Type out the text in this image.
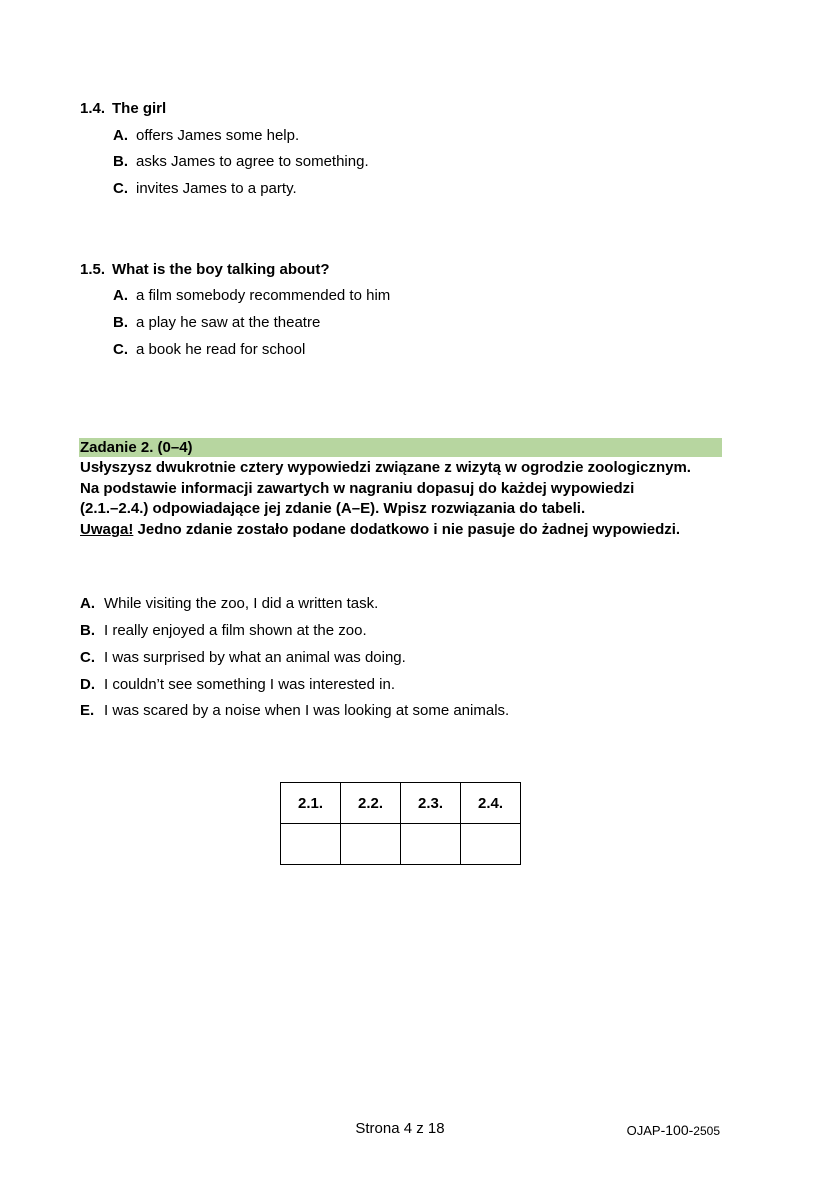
1.4. The girl
A. offers James some help.
B. asks James to agree to something.
C. invites James to a party.
1.5. What is the boy talking about?
A. a film somebody recommended to him
B. a play he saw at the theatre
C. a book he read for school
Zadanie 2. (0–4)
Usłyszysz dwukrotnie cztery wypowiedzi związane z wizytą w ogrodzie zoologicznym.
Na podstawie informacji zawartych w nagraniu dopasuj do każdej wypowiedzi
(2.1.–2.4.) odpowiadające jej zdanie (A–E). Wpisz rozwiązania do tabeli.
Uwaga! Jedno zdanie zostało podane dodatkowo i nie pasuje do żadnej wypowiedzi.
A. While visiting the zoo, I did a written task.
B. I really enjoyed a film shown at the zoo.
C. I was surprised by what an animal was doing.
D. I couldn’t see something I was interested in.
E. I was scared by a noise when I was looking at some animals.
2.1.	2.2.	2.3.	2.4.

Strona 4 z 18	OJAP-100-2505
